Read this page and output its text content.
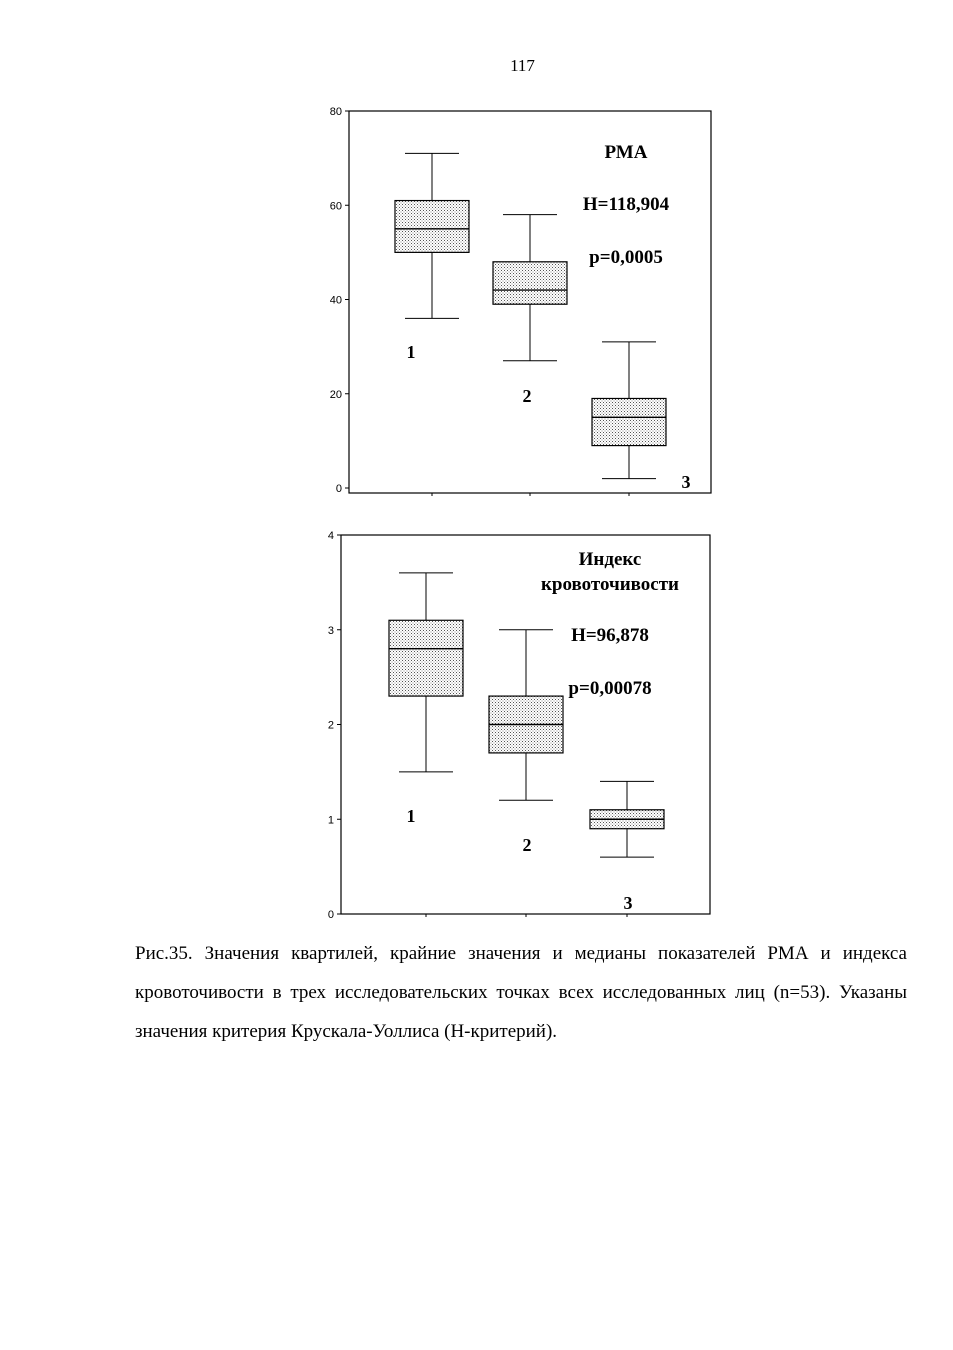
117
0
20
40
60
80
1
2
3
РМА
H=118,904
p=0,0005
0
1
2
3
4
1
2
3
Индекс
кровоточивости
H=96,878
p=0,00078
Рис.35. Значения квартилей, крайние значения и медианы показателей РМА и индекса кровоточивости в трех исследовательских точках всех исследованных лиц (n=53). Указаны значения критерия Крускала-Уоллиса (Н-критерий).
